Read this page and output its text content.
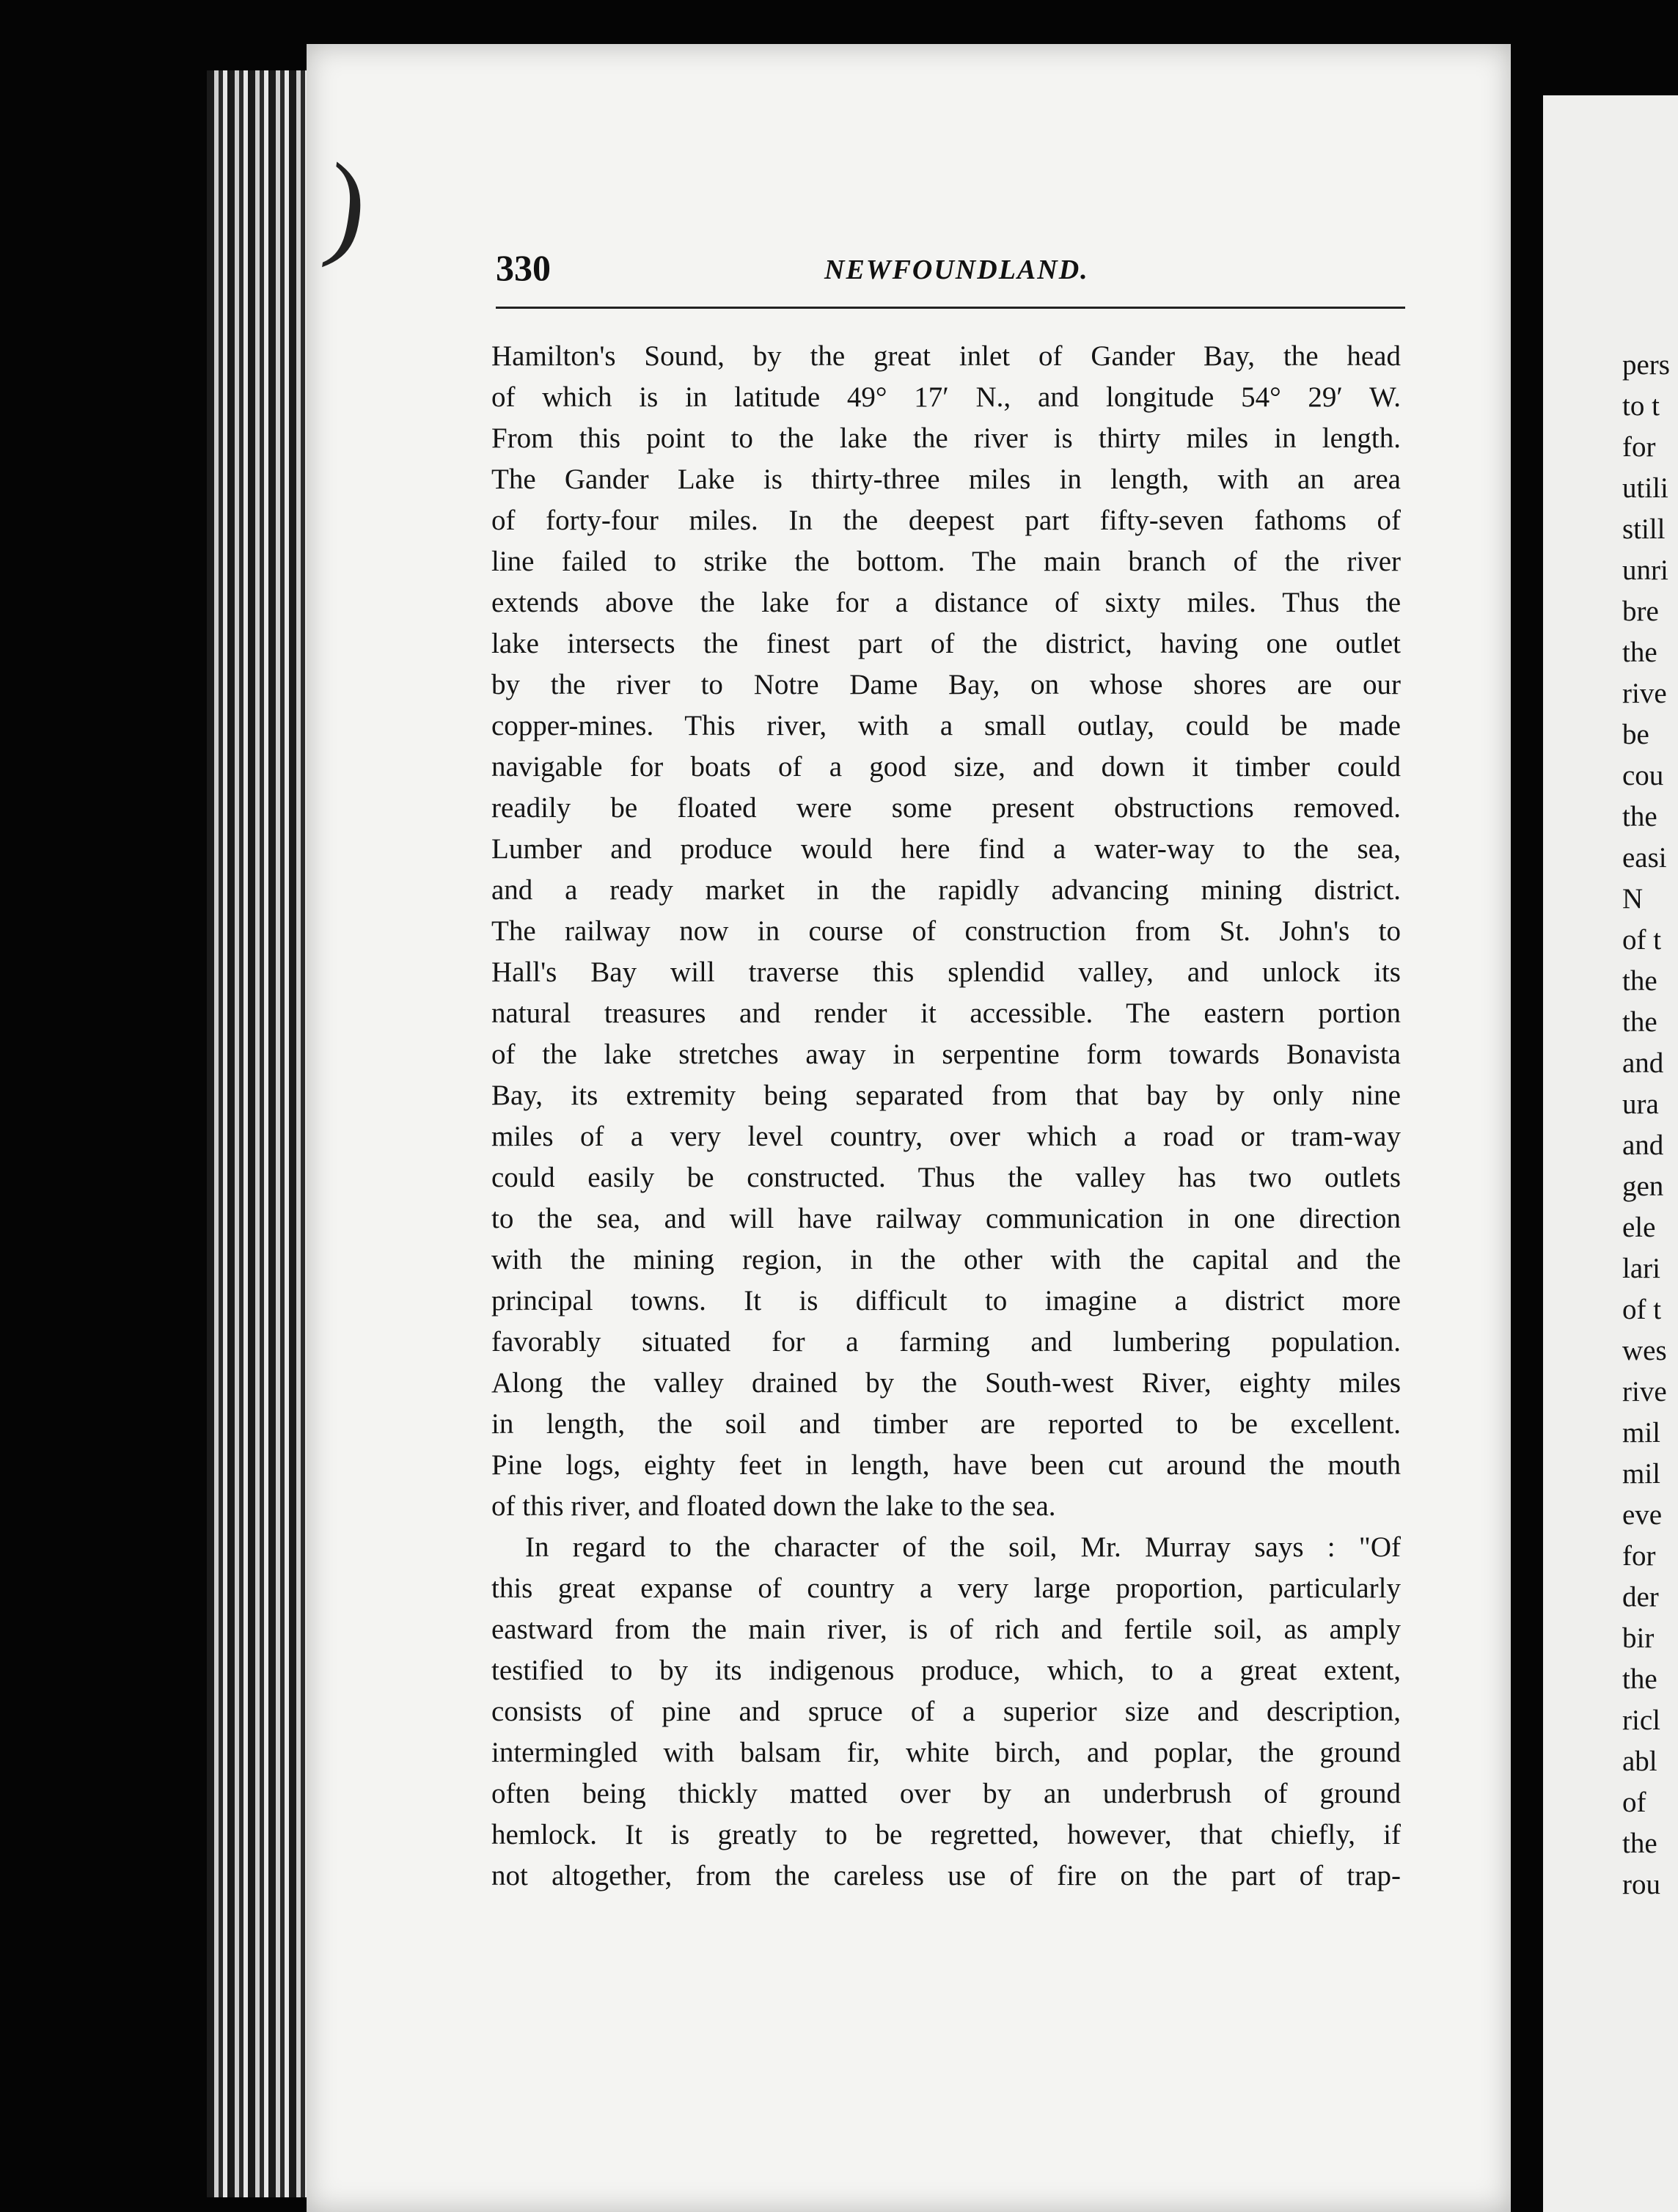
)	330	NEWFOUNDLAND.
Hamilton's Sound, by the great inlet of Gander Bay, the head
of which is in latitude 49° 17′ N., and longitude 54° 29′ W.
From this point to the lake the river is thirty miles in length.
The Gander Lake is thirty-three miles in length, with an area
of forty-four miles. In the deepest part fifty-seven fathoms of
line failed to strike the bottom. The main branch of the river
extends above the lake for a distance of sixty miles. Thus the
lake intersects the finest part of the district, having one outlet
by the river to Notre Dame Bay, on whose shores are our
copper-mines. This river, with a small outlay, could be made
navigable for boats of a good size, and down it timber could
readily be floated were some present obstructions removed.
Lumber and produce would here find a water-way to the sea,
and a ready market in the rapidly advancing mining district.
The railway now in course of construction from St. John's to
Hall's Bay will traverse this splendid valley, and unlock its
natural treasures and render it accessible. The eastern portion
of the lake stretches away in serpentine form towards Bonavista
Bay, its extremity being separated from that bay by only nine
miles of a very level country, over which a road or tram-way
could easily be constructed. Thus the valley has two outlets
to the sea, and will have railway communication in one direction
with the mining region, in the other with the capital and the
principal towns. It is difficult to imagine a district more
favorably situated for a farming and lumbering population.
Along the valley drained by the South-west River, eighty miles
in length, the soil and timber are reported to be excellent.
Pine logs, eighty feet in length, have been cut around the mouth
of this river, and floated down the lake to the sea.
In regard to the character of the soil, Mr. Murray says : "Of
this great expanse of country a very large proportion, particularly
eastward from the main river, is of rich and fertile soil, as amply
testified to by its indigenous produce, which, to a great extent,
consists of pine and spruce of a superior size and description,
intermingled with balsam fir, white birch, and poplar, the ground
often being thickly matted over by an underbrush of ground
hemlock. It is greatly to be regretted, however, that chiefly, if
not altogether, from the careless use of fire on the part of trap-
pers
to t
for
utili
still
unri
bre
the
rive
be
cou
the
easi
N
of t
the
the
and
ura
and
gen
ele
lari
of t
wes
rive
mil
mil
eve
for
der
bir
the
ricl
abl
of
the
rou
